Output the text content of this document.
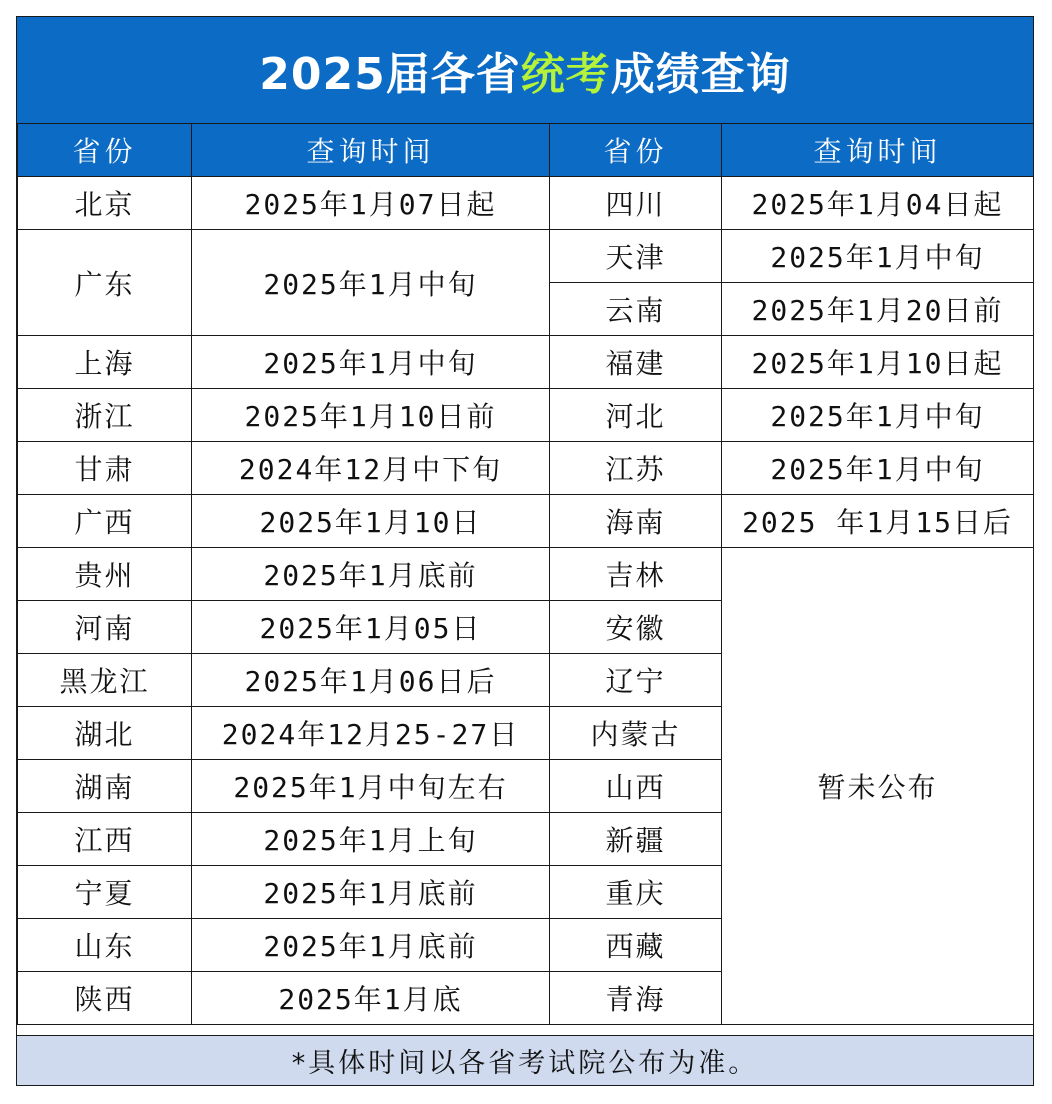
2025届各省统考成绩查询
省份	查询时间	省份	查询时间
北京	2025年1月07日起	四川	2025年1月04日起
广东	2025年1月中旬	天津	2025年1月中旬
		云南	2025年1月20日前
上海	2025年1月中旬	福建	2025年1月10日起
浙江	2025年1月10日前	河北	2025年1月中旬
甘肃	2024年12月中下旬	江苏	2025年1月中旬
广西	2025年1月10日	海南	2025 年1月15日后
贵州	2025年1月底前	吉林	暂未公布
河南	2025年1月05日	安徽	
黑龙江	2025年1月06日后	辽宁	
湖北	2024年12月25-27日	内蒙古	
湖南	2025年1月中旬左右	山西	
江西	2025年1月上旬	新疆	
宁夏	2025年1月底前	重庆	
山东	2025年1月底前	西藏	
陕西	2025年1月底	青海	
*具体时间以各省考试院公布为准。
